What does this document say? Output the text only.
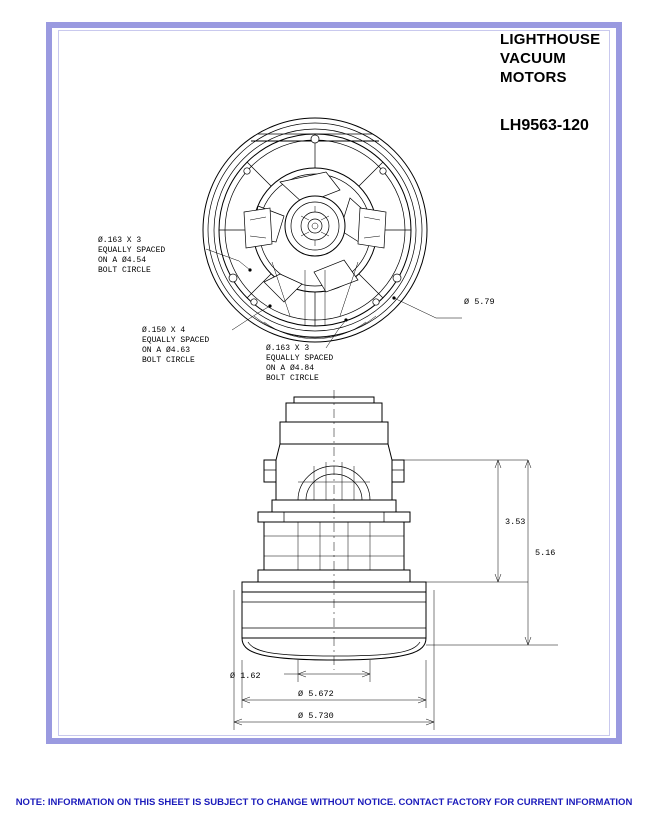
LIGHTHOUSE
VACUUM
MOTORS
LH9563-120
3.53
5.16
Ø 1.62
Ø 5.672
Ø 5.730
Ø.163 X 3
EQUALLY SPACED
ON A Ø4.54
BOLT CIRCLE
Ø.150 X 4
EQUALLY SPACED
ON A Ø4.63
BOLT CIRCLE
Ø.163 X 3
EQUALLY SPACED
ON A Ø4.84
BOLT CIRCLE
Ø 5.79
NOTE: INFORMATION ON THIS SHEET IS SUBJECT TO CHANGE WITHOUT NOTICE. CONTACT FACTORY FOR CURRENT INFORMATION
